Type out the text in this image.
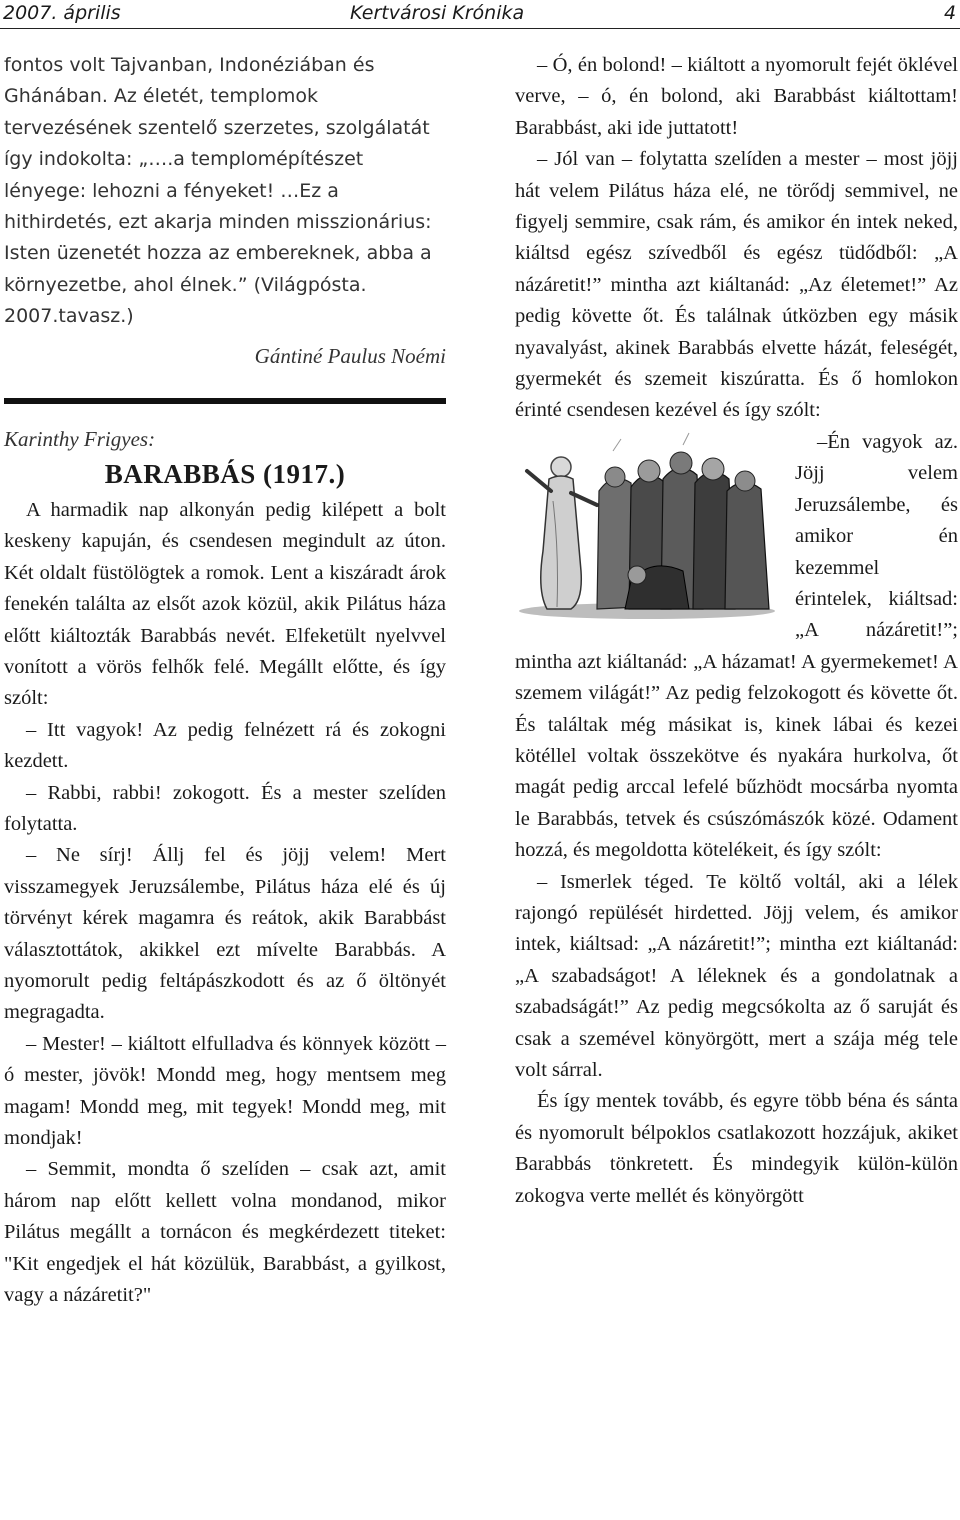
2007. április	Kertvárosi Krónika	4

fontos volt Tajvanban, Indonéziában és Ghánában. Az életét, templomok tervezésének szentelő szerzetes, szolgálatát így indokolta: „….a templomépítészet lényege: lehozni a fényeket! …Ez a hithirdetés, ezt akarja minden misszionárius: Isten üzenetét hozza az embereknek, abba a környezetbe, ahol élnek.” (Világpósta. 2007.tavasz.)

Gántiné Paulus Noémi

Karinthy Frigyes:

BARABBÁS (1917.)

A harmadik nap alkonyán pedig kilépett a bolt keskeny kapuján, és csendesen megindult az úton. Két oldalt füstölögtek a romok. Lent a kiszáradt árok fenekén találta az elsőt azok közül, akik Pilátus háza előtt kiáltozták Barabbás nevét. Elfeketült nyelvvel vonított a vörös felhők felé. Megállt előtte, és így szólt:

– Itt vagyok! Az pedig felnézett rá és zokogni kezdett.

– Rabbi, rabbi! zokogott. És a mester szelíden folytatta.

– Ne sírj! Állj fel és jöjj velem! Mert visszamegyek Jeruzsálembe, Pilátus háza elé és új törvényt kérek magamra és reátok, akik Barabbást választottátok, akikkel ezt mívelte Barabbás. A nyomorult pedig feltápászkodott és az ő öltönyét megragadta.

– Mester! – kiáltott elfulladva és könnyek között – ó mester, jövök! Mondd meg, hogy mentsem meg magam! Mondd meg, mit tegyek! Mondd meg, mit mondjak!

– Semmit, mondta ő szelíden – csak azt, amit három nap előtt kellett volna mondanod, mikor Pilátus megállt a tornácon és megkérdezett titeket: "Kit engedjek el hát közülük, Barabbást, a gyilkost, vagy a názáretit?"

– Ó, én bolond! – kiáltott a nyomorult fejét öklével verve, – ó, én bolond, aki Barabbást kiáltottam! Barabbást, aki ide juttatott!

– Jól van – folytatta szelíden a mester – most jöjj hát velem Pilátus háza elé, ne törődj semmivel, ne figyelj semmire, csak rám, és amikor én intek neked, kiáltsd egész szívedből és egész tüdődből: „A názáretit!” mintha azt kiáltanád: „Az életemet!” Az pedig követte őt. És találnak útközben egy másik nyavalyást, akinek Barabbás elvette házát, feleségét, gyermekét és szemeit kiszúratta. És ő homlokon érinté csendesen kezével és így szólt:

–Én vagyok az. Jöjj velem Jeruzsálembe, és amikor én kezemmel érintelek, kiáltsad: „A názáretit!”; mintha azt kiáltanád: „A házamat! A gyermekemet! A szemem világát!” Az pedig felzokogott és követte őt. És találtak még másikat is, kinek lábai és kezei kötéllel voltak összekötve és nyakára hurkolva, őt magát pedig arccal lefelé bűzhödt mocsárba nyomta le Barabbás, tetvek és csúszómászók közé. Odament hozzá, és megoldotta kötelékeit, és így szólt:

– Ismerlek téged. Te költő voltál, aki a lélek rajongó repülését hirdetted. Jöjj velem, és amikor intek, kiáltsad: „A názáretit!”; mintha ezt kiáltanád: „A szabadságot! A léleknek és a gondolatnak a szabadságát!” Az pedig megcsókolta az ő saruját és csak a szemével könyörgött, mert a szája még tele volt sárral.

És így mentek tovább, és egyre több béna és sánta és nyomorult bélpoklos csatlakozott hozzájuk, akiket Barabbás tönkretett. És mindegyik külön-külön zokogva verte mellét és könyörgött
